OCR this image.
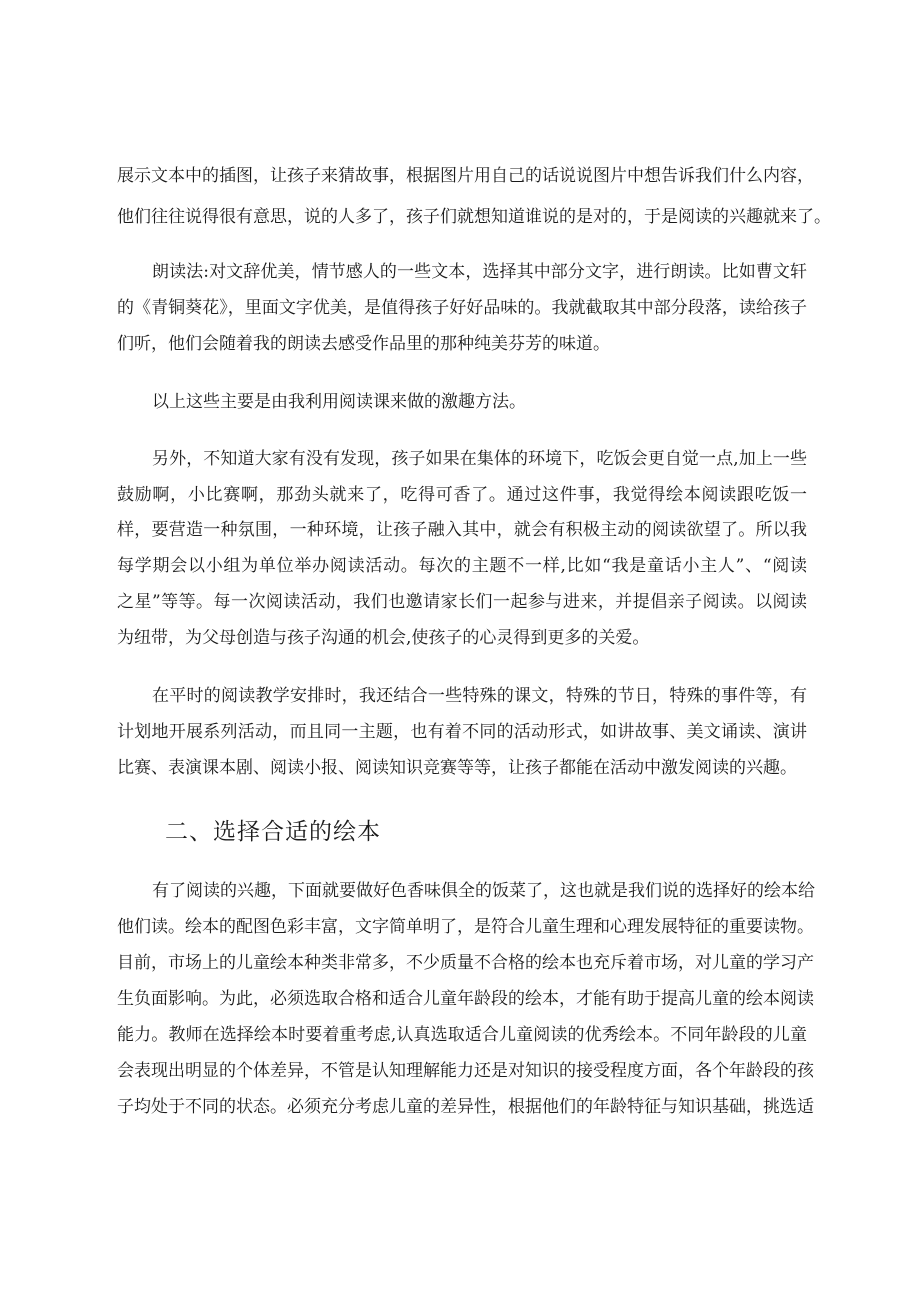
展示文本中的插图，让孩子来猜故事，根据图片用自己的话说说图片中想告诉我们什么内容，
他们往往说得很有意思，说的人多了，孩子们就想知道谁说的是对的，于是阅读的兴趣就来了。
朗读法:对文辞优美，情节感人的一些文本，选择其中部分文字，进行朗读。比如曹文轩
的《青铜葵花》，里面文字优美，是值得孩子好好品味的。我就截取其中部分段落，读给孩子
们听，他们会随着我的朗读去感受作品里的那种纯美芬芳的味道。
以上这些主要是由我利用阅读课来做的激趣方法。
另外，不知道大家有没有发现，孩子如果在集体的环境下，吃饭会更自觉一点,加上一些
鼓励啊，小比赛啊，那劲头就来了，吃得可香了。通过这件事，我觉得绘本阅读跟吃饭一
样，要营造一种氛围，一种环境，让孩子融入其中，就会有积极主动的阅读欲望了。所以我
每学期会以小组为单位举办阅读活动。每次的主题不一样,比如“我是童话小主人”、“阅读
之星”等等。每一次阅读活动，我们也邀请家长们一起参与进来，并提倡亲子阅读。以阅读
为纽带，为父母创造与孩子沟通的机会,使孩子的心灵得到更多的关爱。
在平时的阅读教学安排时，我还结合一些特殊的课文，特殊的节日，特殊的事件等，有
计划地开展系列活动，而且同一主题，也有着不同的活动形式，如讲故事、美文诵读、演讲
比赛、表演课本剧、阅读小报、阅读知识竞赛等等，让孩子都能在活动中激发阅读的兴趣。
二、选择合适的绘本
有了阅读的兴趣，下面就要做好色香味俱全的饭菜了，这也就是我们说的选择好的绘本给
他们读。绘本的配图色彩丰富，文字简单明了，是符合儿童生理和心理发展特征的重要读物。
目前，市场上的儿童绘本种类非常多，不少质量不合格的绘本也充斥着市场，对儿童的学习产
生负面影响。为此，必须选取合格和适合儿童年龄段的绘本，才能有助于提高儿童的绘本阅读
能力。教师在选择绘本时要着重考虑,认真选取适合儿童阅读的优秀绘本。不同年龄段的儿童
会表现出明显的个体差异，不管是认知理解能力还是对知识的接受程度方面，各个年龄段的孩
子均处于不同的状态。必须充分考虑儿童的差异性，根据他们的年龄特征与知识基础，挑选适
